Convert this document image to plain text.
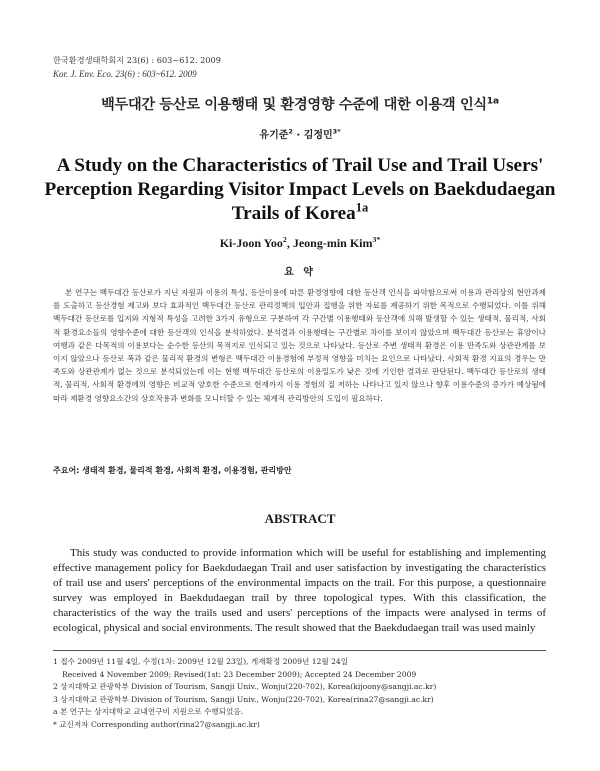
한국환경생태학회지 23(6) : 603~612. 2009
Kor. J. Env. Eco. 23(6) : 603~612. 2009
백두대간 등산로 이용행태 및 환경영향 수준에 대한 이용객 인식$^{1a}$
유기준$^2$ · 김정민$^{3*}$
A Study on the Characteristics of Trail Use and Trail Users'
Perception Regarding Visitor Impact Levels on Baekdudaegan
Trails of Korea$^{1a}$
Ki-Joon Yoo$^2$, Jeong-min Kim$^{3*}$
요 약
본 연구는 백두대간 등산로가 지닌 자원과 이용의 특성, 등산이용에 따른 환경영향에 대한 등산객 인식을 파악함으로써 이용과 관리상의 현안과제를 도출하고 등산경험 제고와 보다 효과적인 백두대간 등산로 관리정책의 입안과 집행을 위한 자료를 제공하기 위한 목적으로 수행되었다. 이를 위해 백두대간 등산로를 입지와 지형적 특성을 고려한 3가지 유형으로 구분하여 각 구간별 이용행태와 등산객에 의해 발생할 수 있는 생태적, 물리적, 사회적 환경요소들의 영향수준에 대한 등산객의 인식을 분석하였다. 분석결과 이용행태는 구간별로 차이를 보이지 않았으며 백두대간 등산로는 휴양이나 여행과 같은 다목적의 이용보다는 순수한 등산의 목적지로 인식되고 있는 것으로 나타났다. 등산로 주변 생태적 환경은 이용 만족도와 상관관계를 보이지 않았으나 등산로 폭과 같은 물리적 환경의 변형은 백두대간 이용경험에 부정적 영향을 미치는 요인으로 나타났다. 사회적 환경 지표의 경우는 만족도와 상관관계가 없는 것으로 분석되었는데 이는 현행 백두대간 등산로의 이용밀도가 낮은 것에 기인한 결과로 판단된다. 백두대간 등산로의 생태적, 물리적, 사회적 환경에의 영향은 비교적 양호한 수준으로 현재까지 이용 경험의 질 저하는 나타나고 있지 않으나 향후 이용수준의 증가가 예상됨에 따라 제환경 영향요소간의 상호작용과 변화를 모니터할 수 있는 체계적 관리방안의 도입이 필요하다.
주요어: 생태적 환경, 물리적 환경, 사회적 환경, 이용경험, 관리방안
ABSTRACT
This study was conducted to provide information which will be useful for establishing and implementing effective management policy for Baekdudaegan Trail and user satisfaction by investigating the characteristics of trail use and users' perceptions of the environmental impacts on the trail. For this purpose, a questionnaire survey was employed in Baekdudaegan trail by three topological types. With this classification, the characteristics of the way the trails used and users' perceptions of the impacts were analysed in terms of ecological, physical and social environments. The result showed that the Baekdudaegan trail was used mainly
1 접수 2009년 11월 4일, 수정(1차: 2009년 12월 23일), 게재확정 2009년 12월 24일
Received 4 November 2009; Revised(1st: 23 December 2009); Accepted 24 December 2009
2 상지대학교 관광학부 Division of Tourism, Sangji Univ., Wonju(220-702), Korea(kijoony@sangji.ac.kr)
3 상지대학교 관광학부 Division of Tourism, Sangji Univ., Wonju(220-702), Korea(rina27@sangji.ac.kr)
a 본 연구는 상지대학교 교내연구비 지원으로 수행되었음.
* 교신저자 Corresponding author(rina27@sangji.ac.kr)
